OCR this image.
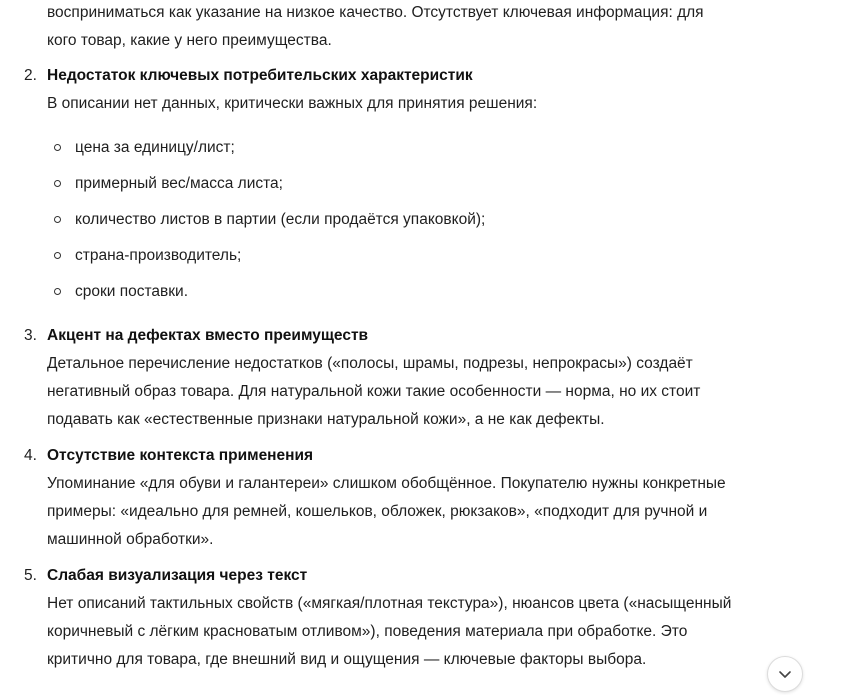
восприниматься как указание на низкое качество. Отсутствует ключевая информация: для
кого товар, какие у него преимущества.
2. Недостаток ключевых потребительских характеристик
В описании нет данных, критически важных для принятия решения:
цена за единицу/лист;
примерный вес/масса листа;
количество листов в партии (если продаётся упаковкой);
страна-производитель;
сроки поставки.
3. Акцент на дефектах вместо преимуществ
Детальное перечисление недостатков («полосы, шрамы, подрезы, непрокрасы») создаёт
негативный образ товара. Для натуральной кожи такие особенности — норма, но их стоит
подавать как «естественные признаки натуральной кожи», а не как дефекты.
4. Отсутствие контекста применения
Упоминание «для обуви и галантереи» слишком обобщённое. Покупателю нужны конкретные
примеры: «идеально для ремней, кошельков, обложек, рюкзаков», «подходит для ручной и
машинной обработки».
5. Слабая визуализация через текст
Нет описаний тактильных свойств («мягкая/плотная текстура»), нюансов цвета («насыщенный
коричневый с лёгким красноватым отливом»), поведения материала при обработке. Это
критично для товара, где внешний вид и ощущения — ключевые факторы выбора.
